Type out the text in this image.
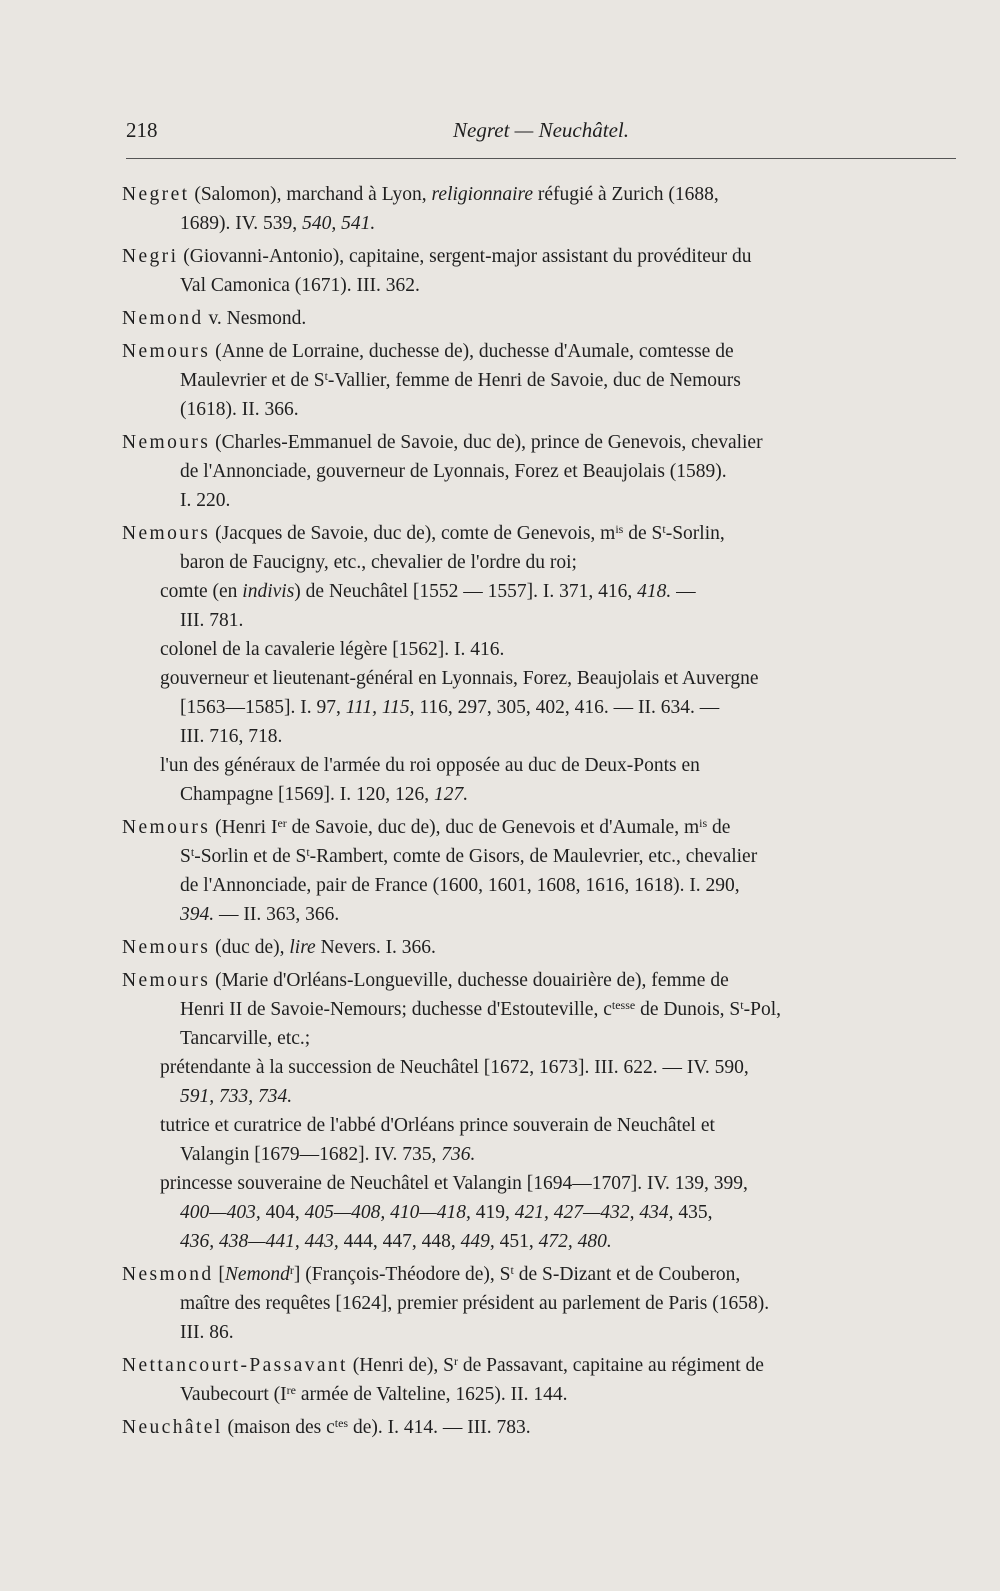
218	Negret — Neuchâtel.
Negret (Salomon), marchand à Lyon, religionnaire réfugié à Zurich (1688,
1689). IV. 539, 540, 541.
Negri (Giovanni-Antonio), capitaine, sergent-major assistant du provéditeur du
Val Camonica (1671). III. 362.
Nemond v. Nesmond.
Nemours (Anne de Lorraine, duchesse de), duchesse d'Aumale, comtesse de
Maulevrier et de $S^t$-Vallier, femme de Henri de Savoie, duc de Nemours
(1618). II. 366.
Nemours (Charles-Emmanuel de Savoie, duc de), prince de Genevois, chevalier
de l'Annonciade, gouverneur de Lyonnais, Forez et Beaujolais (1589).
I. 220.
Nemours (Jacques de Savoie, duc de), comte de Genevois, $m^{is}$ de $S^t$-Sorlin,
baron de Faucigny, etc., chevalier de l'ordre du roi;
comte (en indivis) de Neuchâtel [1552 — 1557]. I. 371, 416, 418. —
III. 781.
colonel de la cavalerie légère [1562]. I. 416.
gouverneur et lieutenant-général en Lyonnais, Forez, Beaujolais et Auvergne
[1563—1585]. I. 97, 111, 115, 116, 297, 305, 402, 416. — II. 634. —
III. 716, 718.
l'un des généraux de l'armée du roi opposée au duc de Deux-Ponts en
Champagne [1569]. I. 120, 126, 127.
Nemours (Henri Ier de Savoie, duc de), duc de Genevois et d'Aumale, $m^{is}$ de
$S^t$-Sorlin et de $S^t$-Rambert, comte de Gisors, de Maulevrier, etc., chevalier
de l'Annonciade, pair de France (1600, 1601, 1608, 1616, 1618). I. 290,
394. — II. 363, 366.
Nemours (duc de), lire Nevers. I. 366.
Nemours (Marie d'Orléans-Longueville, duchesse douairière de), femme de
Henri II de Savoie-Nemours; duchesse d'Estouteville, $c^{tesse}$ de Dunois, $S^t$-Pol,
Tancarville, etc.;
prétendante à la succession de Neuchâtel [1672, 1673]. III. 622. — IV. 590,
591, 733, 734.
tutrice et curatrice de l'abbé d'Orléans prince souverain de Neuchâtel et
Valangin [1679—1682]. IV. 735, 736.
princesse souveraine de Neuchâtel et Valangin [1694—1707]. IV. 139, 399,
400—403, 404, 405—408, 410—418, 419, 421, 427—432, 434, 435,
436, 438—441, 443, 444, 447, 448, 449, 451, 472, 480.
Nesmond [Nemond$^r$] (François-Théodore de), $S^t$ de S-Dizant et de Couberon,
maître des requêtes [1624], premier président au parlement de Paris (1658).
III. 86.
Nettancourt-Passavant (Henri de), $S^r$ de Passavant, capitaine au régiment de
Vaubecourt (Ire armée de Valteline, 1625). II. 144.
Neuchâtel (maison des $c^{tes}$ de). I. 414. — III. 783.
